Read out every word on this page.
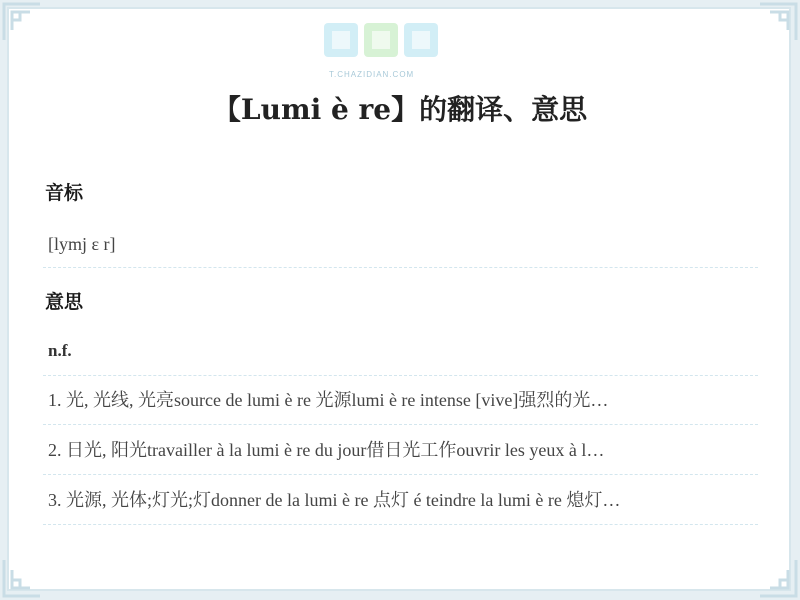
T.CHAZIDIAN.COM
【Lumi è re】的翻译、意思
音标
[lymj ε r]
意思
n.f.
1. 光, 光线, 光亮source de lumi è re 光源lumi è re intense [vive]强烈的光…
2. 日光, 阳光travailler à la lumi è re du jour借日光工作ouvrir les yeux à l…
3. 光源, 光体;灯光;灯donner de la lumi è re 点灯 é teindre la lumi è re 熄灯…
